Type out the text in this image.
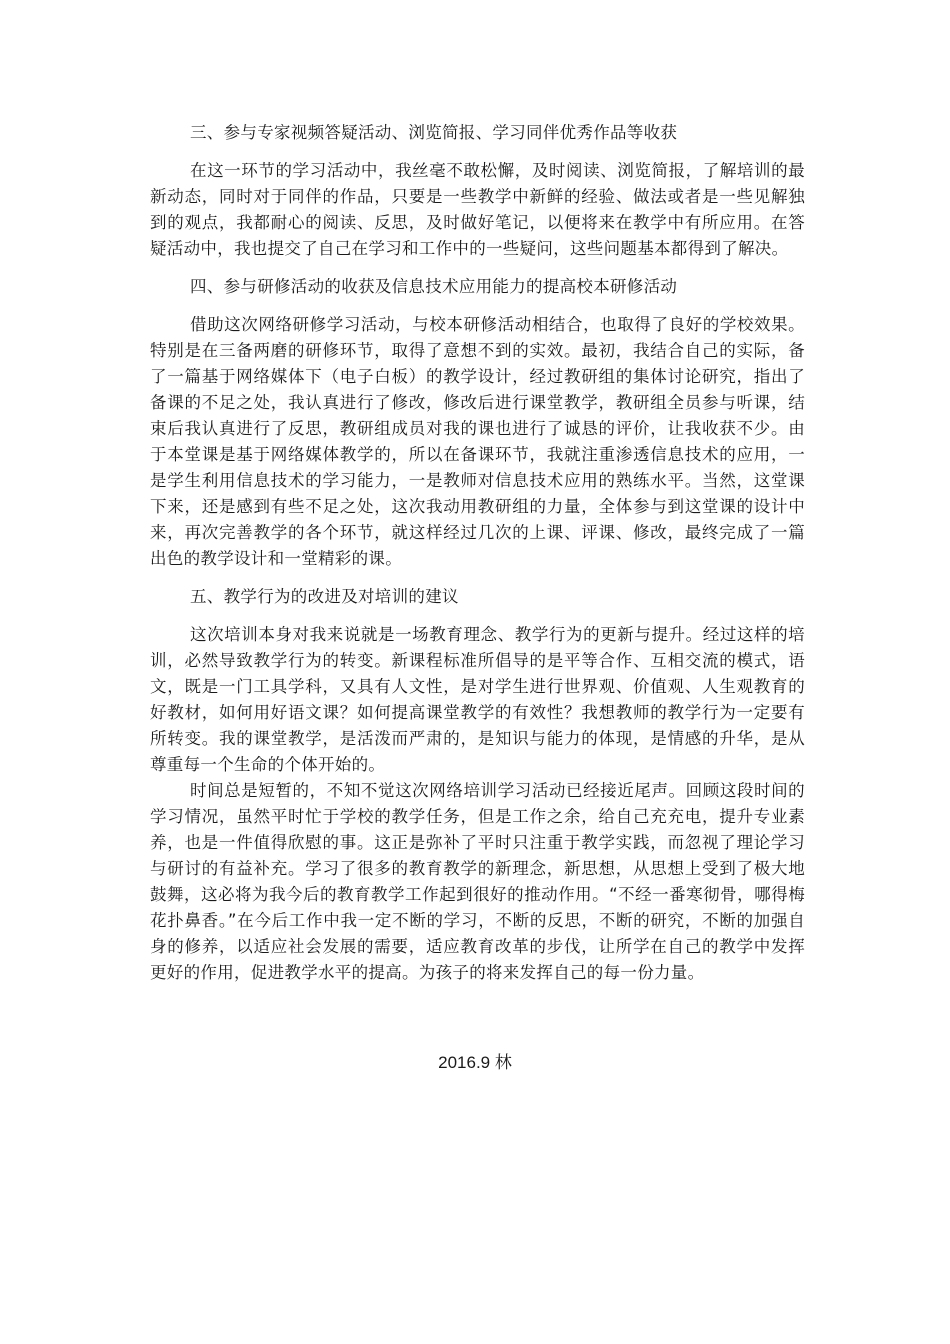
三、参与专家视频答疑活动、浏览简报、学习同伴优秀作品等收获

在这一环节的学习活动中，我丝毫不敢松懈，及时阅读、浏览简报，了解培训的最新动态，同时对于同伴的作品，只要是一些教学中新鲜的经验、做法或者是一些见解独到的观点，我都耐心的阅读、反思，及时做好笔记，以便将来在教学中有所应用。在答疑活动中，我也提交了自己在学习和工作中的一些疑问，这些问题基本都得到了解决。

四、参与研修活动的收获及信息技术应用能力的提高校本研修活动

借助这次网络研修学习活动，与校本研修活动相结合，也取得了良好的学校效果。特别是在三备两磨的研修环节，取得了意想不到的实效。最初，我结合自己的实际，备了一篇基于网络媒体下（电子白板）的教学设计，经过教研组的集体讨论研究，指出了备课的不足之处，我认真进行了修改，修改后进行课堂教学，教研组全员参与听课，结束后我认真进行了反思，教研组成员对我的课也进行了诚恳的评价，让我收获不少。由于本堂课是基于网络媒体教学的，所以在备课环节，我就注重渗透信息技术的应用，一是学生利用信息技术的学习能力，一是教师对信息技术应用的熟练水平。当然，这堂课下来，还是感到有些不足之处，这次我动用教研组的力量，全体参与到这堂课的设计中来，再次完善教学的各个环节，就这样经过几次的上课、评课、修改，最终完成了一篇出色的教学设计和一堂精彩的课。

五、教学行为的改进及对培训的建议

这次培训本身对我来说就是一场教育理念、教学行为的更新与提升。经过这样的培训，必然导致教学行为的转变。新课程标准所倡导的是平等合作、互相交流的模式，语文，既是一门工具学科，又具有人文性，是对学生进行世界观、价值观、人生观教育的好教材，如何用好语文课？如何提高课堂教学的有效性？我想教师的教学行为一定要有所转变。我的课堂教学，是活泼而严肃的，是知识与能力的体现，是情感的升华，是从尊重每一个生命的个体开始的。

时间总是短暂的，不知不觉这次网络培训学习活动已经接近尾声。回顾这段时间的学习情况，虽然平时忙于学校的教学任务，但是工作之余，给自己充充电，提升专业素养，也是一件值得欣慰的事。这正是弥补了平时只注重于教学实践，而忽视了理论学习与研讨的有益补充。学习了很多的教育教学的新理念，新思想，从思想上受到了极大地鼓舞，这必将为我今后的教育教学工作起到很好的推动作用。“不经一番寒彻骨，哪得梅花扑鼻香。”在今后工作中我一定不断的学习，不断的反思，不断的研究，不断的加强自身的修养，以适应社会发展的需要，适应教育改革的步伐，让所学在自己的教学中发挥更好的作用，促进教学水平的提高。为孩子的将来发挥自己的每一份力量。

2016.9 林
